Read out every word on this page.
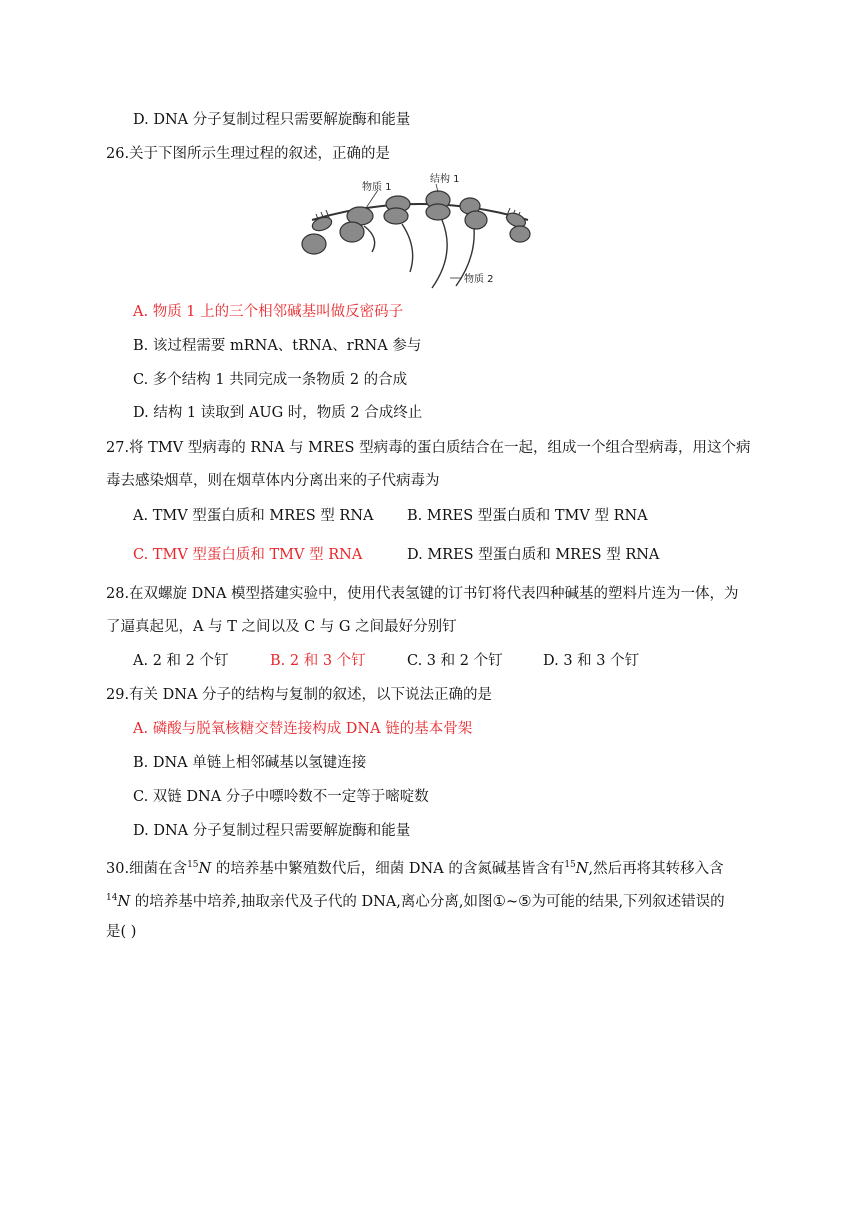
D. DNA 分子复制过程只需要解旋酶和能量
26.关于下图所示生理过程的叙述，正确的是
物质 1
结构 1
物质 2
A. 物质 1 上的三个相邻碱基叫做反密码子
B. 该过程需要 mRNA、tRNA、rRNA 参与
C. 多个结构 1 共同完成一条物质 2 的合成
D. 结构 1 读取到 AUG 时，物质 2 合成终止
27.将 TMV 型病毒的 RNA 与 MRES 型病毒的蛋白质结合在一起，组成一个组合型病毒，用这个病
毒去感染烟草，则在烟草体内分离出来的子代病毒为
A. TMV 型蛋白质和 MRES 型 RNA B. MRES 型蛋白质和 TMV 型 RNA
C. TMV 型蛋白质和 TMV 型 RNA	D. MRES 型蛋白质和 MRES 型 RNA
28.在双螺旋 DNA 模型搭建实验中，使用代表氢键的订书钉将代表四种碱基的塑料片连为一体，为
了逼真起见，A 与 T 之间以及 C 与 G 之间最好分别钉
A. 2 和 2 个钉	B. 2 和 3 个钉	C. 3 和 2 个钉	D. 3 和 3 个钉
29.有关 DNA 分子的结构与复制的叙述，以下说法正确的是
A. 磷酸与脱氧核糖交替连接构成 DNA 链的基本骨架
B. DNA 单链上相邻碱基以氢键连接
C. 双链 DNA 分子中嘌呤数不一定等于嘧啶数
D. DNA 分子复制过程只需要解旋酶和能量
30.细菌在含$^{15}$N 的培养基中繁殖数代后，细菌 DNA 的含氮碱基皆含有$^{15}$N,然后再将其转移入含
$^{14}$N 的培养基中培养,抽取亲代及子代的 DNA,离心分离,如图①~⑤为可能的结果,下列叙述错误的
是( )
